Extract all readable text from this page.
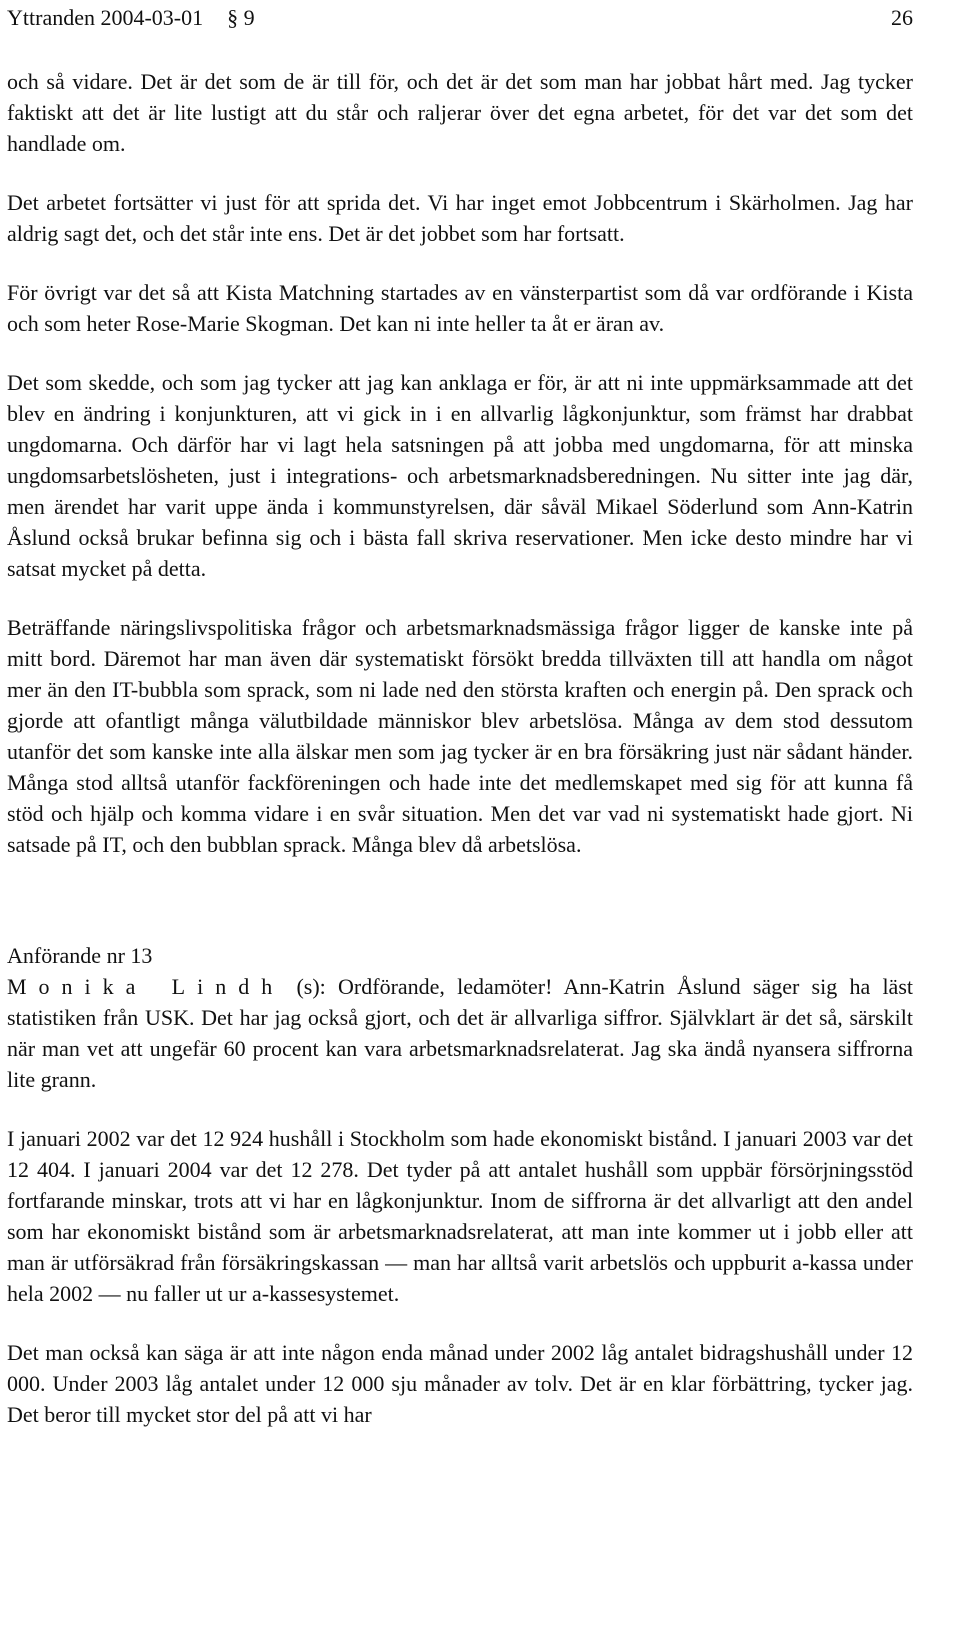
Yttranden 2004-03-01 § 9	26

och så vidare. Det är det som de är till för, och det är det som man har jobbat hårt med. Jag tycker faktiskt att det är lite lustigt att du står och raljerar över det egna arbetet, för det var det som det handlade om.

Det arbetet fortsätter vi just för att sprida det. Vi har inget emot Jobbcentrum i Skärholmen. Jag har aldrig sagt det, och det står inte ens. Det är det jobbet som har fortsatt.

För övrigt var det så att Kista Matchning startades av en vänsterpartist som då var ordförande i Kista och som heter Rose-Marie Skogman. Det kan ni inte heller ta åt er äran av.

Det som skedde, och som jag tycker att jag kan anklaga er för, är att ni inte uppmärksammade att det blev en ändring i konjunkturen, att vi gick in i en allvarlig lågkonjunktur, som främst har drabbat ungdomarna. Och därför har vi lagt hela satsningen på att jobba med ungdomarna, för att minska ungdomsarbetslösheten, just i integrations- och arbetsmarknadsberedningen. Nu sitter inte jag där, men ärendet har varit uppe ända i kommunstyrelsen, där såväl Mikael Söderlund som Ann-Katrin Åslund också brukar befinna sig och i bästa fall skriva reservationer. Men icke desto mindre har vi satsat mycket på detta.

Beträffande näringslivspolitiska frågor och arbetsmarknadsmässiga frågor ligger de kanske inte på mitt bord. Däremot har man även där systematiskt försökt bredda tillväxten till att handla om något mer än den IT-bubbla som sprack, som ni lade ned den största kraften och energin på. Den sprack och gjorde att ofantligt många välutbildade människor blev arbetslösa. Många av dem stod dessutom utanför det som kanske inte alla älskar men som jag tycker är en bra försäkring just när sådant händer. Många stod alltså utanför fackföreningen och hade inte det medlemskapet med sig för att kunna få stöd och hjälp och komma vidare i en svår situation. Men det var vad ni systematiskt hade gjort. Ni satsade på IT, och den bubblan sprack. Många blev då arbetslösa.

Anförande nr 13

Monika Lindh (s): Ordförande, ledamöter! Ann-Katrin Åslund säger sig ha läst statistiken från USK. Det har jag också gjort, och det är allvarliga siffror. Självklart är det så, särskilt när man vet att ungefär 60 procent kan vara arbetsmarknadsrelaterat. Jag ska ändå nyansera siffrorna lite grann.

I januari 2002 var det 12 924 hushåll i Stockholm som hade ekonomiskt bistånd. I januari 2003 var det 12 404. I januari 2004 var det 12 278. Det tyder på att antalet hushåll som uppbär försörjningsstöd fortfarande minskar, trots att vi har en lågkonjunktur. Inom de siffrorna är det allvarligt att den andel som har ekonomiskt bistånd som är arbetsmarknadsrelaterat, att man inte kommer ut i jobb eller att man är utförsäkrad från försäkringskassan — man har alltså varit arbetslös och uppburit a-kassa under hela 2002 — nu faller ut ur a-kassesystemet.

Det man också kan säga är att inte någon enda månad under 2002 låg antalet bidragshushåll under 12 000. Under 2003 låg antalet under 12 000 sju månader av tolv. Det är en klar förbättring, tycker jag. Det beror till mycket stor del på att vi har
